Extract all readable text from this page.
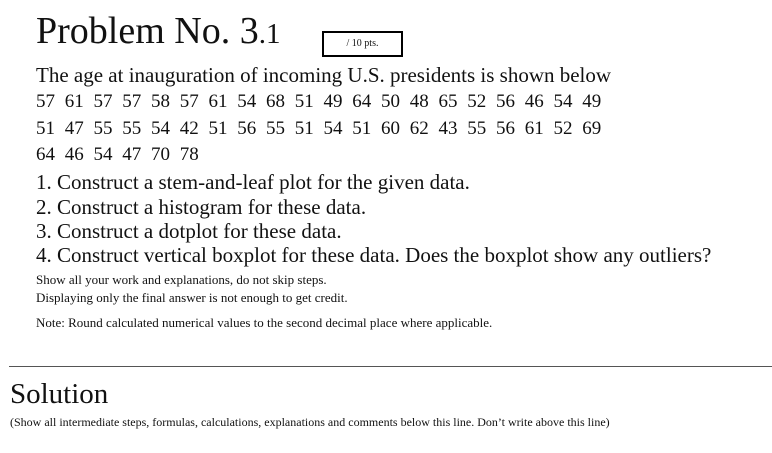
Problem No. 3.1	/ 10 pts.
The age at inauguration of incoming U.S. presidents is shown below
57 61 57 57 58 57 61 54 68 51 49 64 50 48 65 52 56 46 54 49
51 47 55 55 54 42 51 56 55 51 54 51 60 62 43 55 56 61 52 69
64 46 54 47 70 78
1. Construct a stem-and-leaf plot for the given data.
2. Construct a histogram for these data.
3. Construct a dotplot for these data.
4. Construct vertical boxplot for these data. Does the boxplot show any outliers?
Show all your work and explanations, do not skip steps.
Displaying only the final answer is not enough to get credit.
Note: Round calculated numerical values to the second decimal place where applicable.
Solution
(Show all intermediate steps, formulas, calculations, explanations and comments below this line. Don’t write above this line)
